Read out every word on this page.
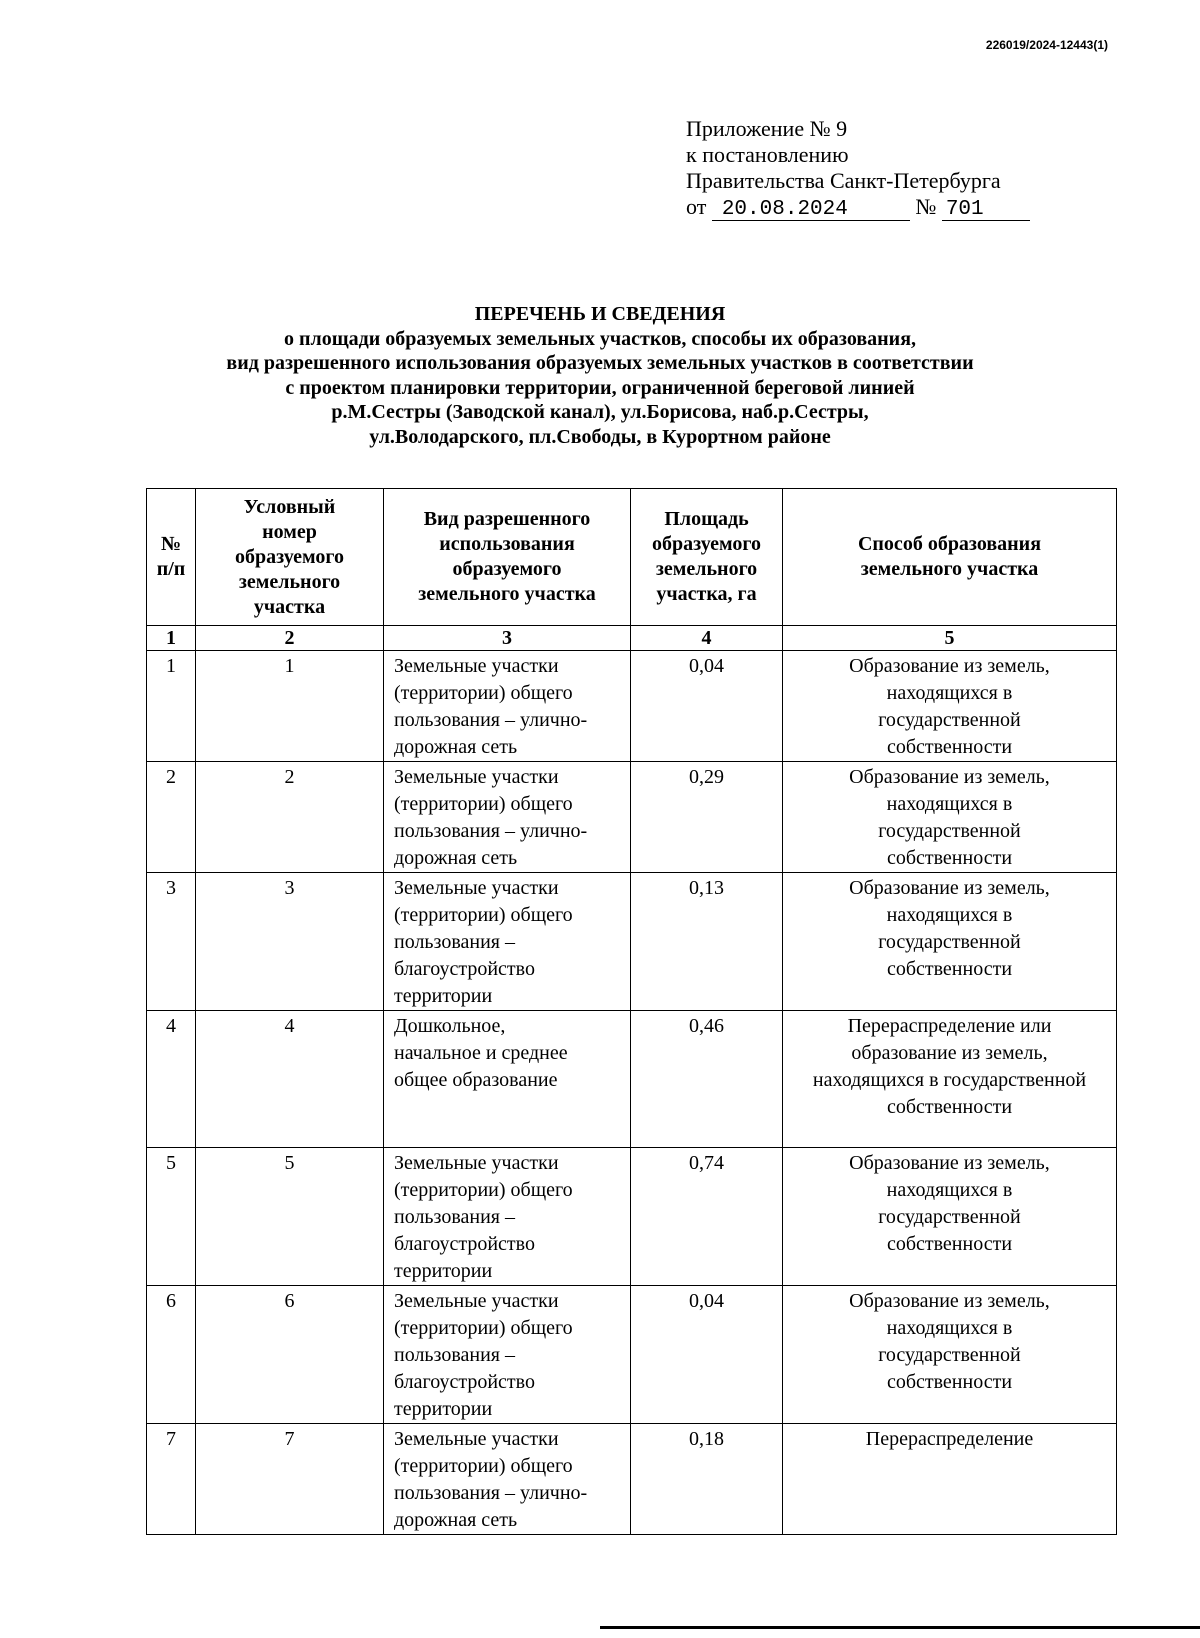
226019/2024-12443(1)
Приложение № 9
к постановлению
Правительства Санкт-Петербурга
от 20.08.2024	№ 701
ПЕРЕЧЕНЬ И СВЕДЕНИЯ
о площади образуемых земельных участков, способы их образования,
вид разрешенного использования образуемых земельных участков в соответствии
с проектом планировки территории, ограниченной береговой линией
р.М.Сестры (Заводской канал), ул.Борисова, наб.р.Сестры,
ул.Володарского, пл.Свободы, в Курортном районе
№ п/п	Условный номер образуемого земельного участка	Вид разрешенного использования образуемого земельного участка	Площадь образуемого земельного участка, га	Способ образования земельного участка
1	2	3	4	5
1	1	Земельные участки (территории) общего пользования – улично-дорожная сеть	0,04	Образование из земель, находящихся в государственной собственности
2	2	Земельные участки (территории) общего пользования – улично-дорожная сеть	0,29	Образование из земель, находящихся в государственной собственности
3	3	Земельные участки (территории) общего пользования – благоустройство территории	0,13	Образование из земель, находящихся в государственной собственности
4	4	Дошкольное, начальное и среднее общее образование	0,46	Перераспределение или образование из земель, находящихся в государственной собственности
5	5	Земельные участки (территории) общего пользования – благоустройство территории	0,74	Образование из земель, находящихся в государственной собственности
6	6	Земельные участки (территории) общего пользования – благоустройство территории	0,04	Образование из земель, находящихся в государственной собственности
7	7	Земельные участки (территории) общего пользования – улично-дорожная сеть	0,18	Перераспределение
